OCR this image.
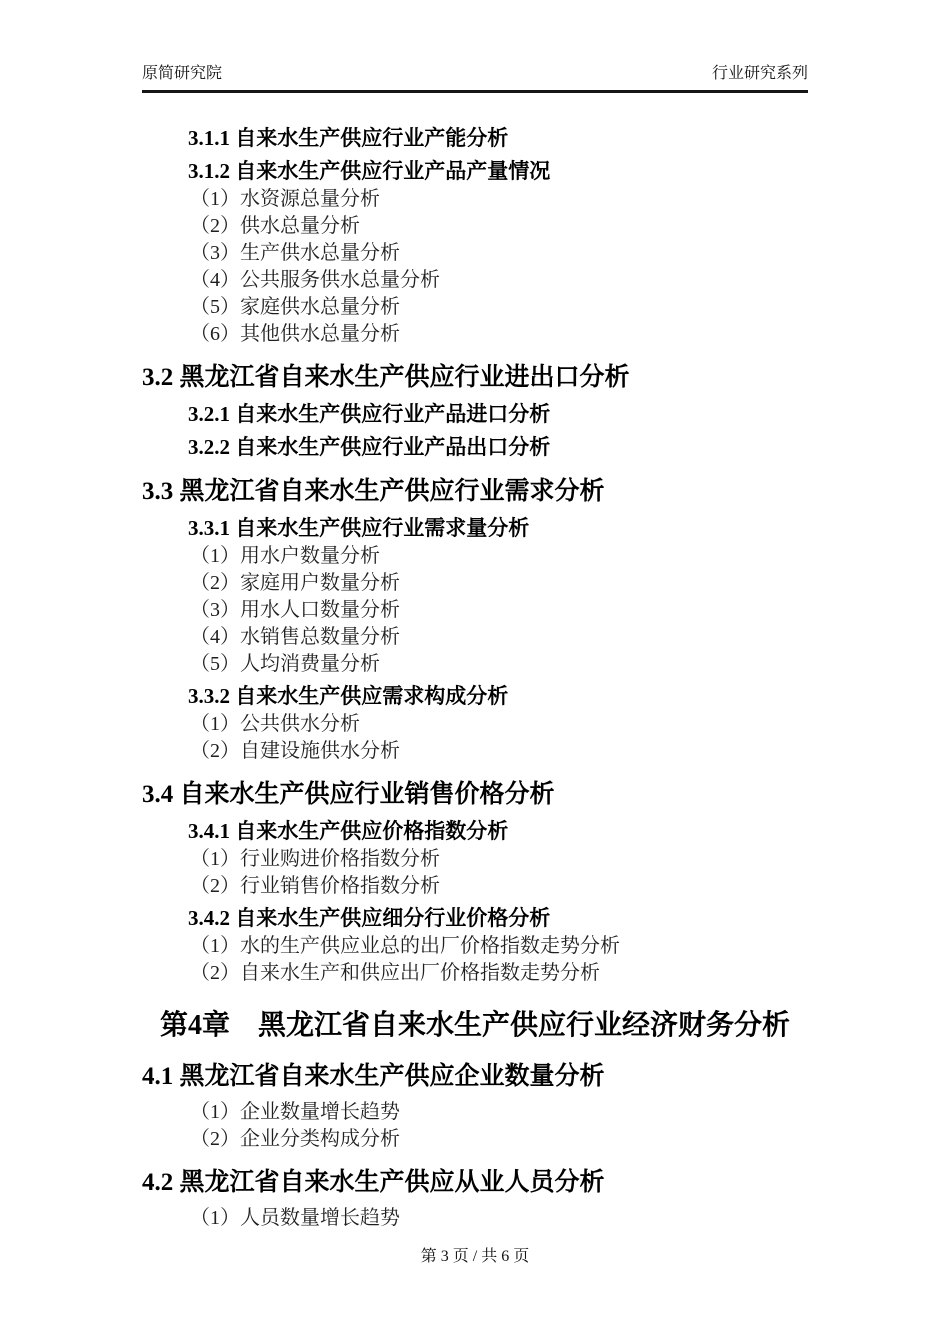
原简研究院	行业研究系列
3.1.1 自来水生产供应行业产能分析
3.1.2 自来水生产供应行业产品产量情况
（1）水资源总量分析
（2）供水总量分析
（3）生产供水总量分析
（4）公共服务供水总量分析
（5）家庭供水总量分析
（6）其他供水总量分析
3.2 黑龙江省自来水生产供应行业进出口分析
3.2.1 自来水生产供应行业产品进口分析
3.2.2 自来水生产供应行业产品出口分析
3.3 黑龙江省自来水生产供应行业需求分析
3.3.1 自来水生产供应行业需求量分析
（1）用水户数量分析
（2）家庭用户数量分析
（3）用水人口数量分析
（4）水销售总数量分析
（5）人均消费量分析
3.3.2 自来水生产供应需求构成分析
（1）公共供水分析
（2）自建设施供水分析
3.4 自来水生产供应行业销售价格分析
3.4.1 自来水生产供应价格指数分析
（1）行业购进价格指数分析
（2）行业销售价格指数分析
3.4.2 自来水生产供应细分行业价格分析
（1）水的生产供应业总的出厂价格指数走势分析
（2）自来水生产和供应出厂价格指数走势分析
第4章　黑龙江省自来水生产供应行业经济财务分析
4.1 黑龙江省自来水生产供应企业数量分析
（1）企业数量增长趋势
（2）企业分类构成分析
4.2 黑龙江省自来水生产供应从业人员分析
（1）人员数量增长趋势
第 3 页 / 共 6 页
